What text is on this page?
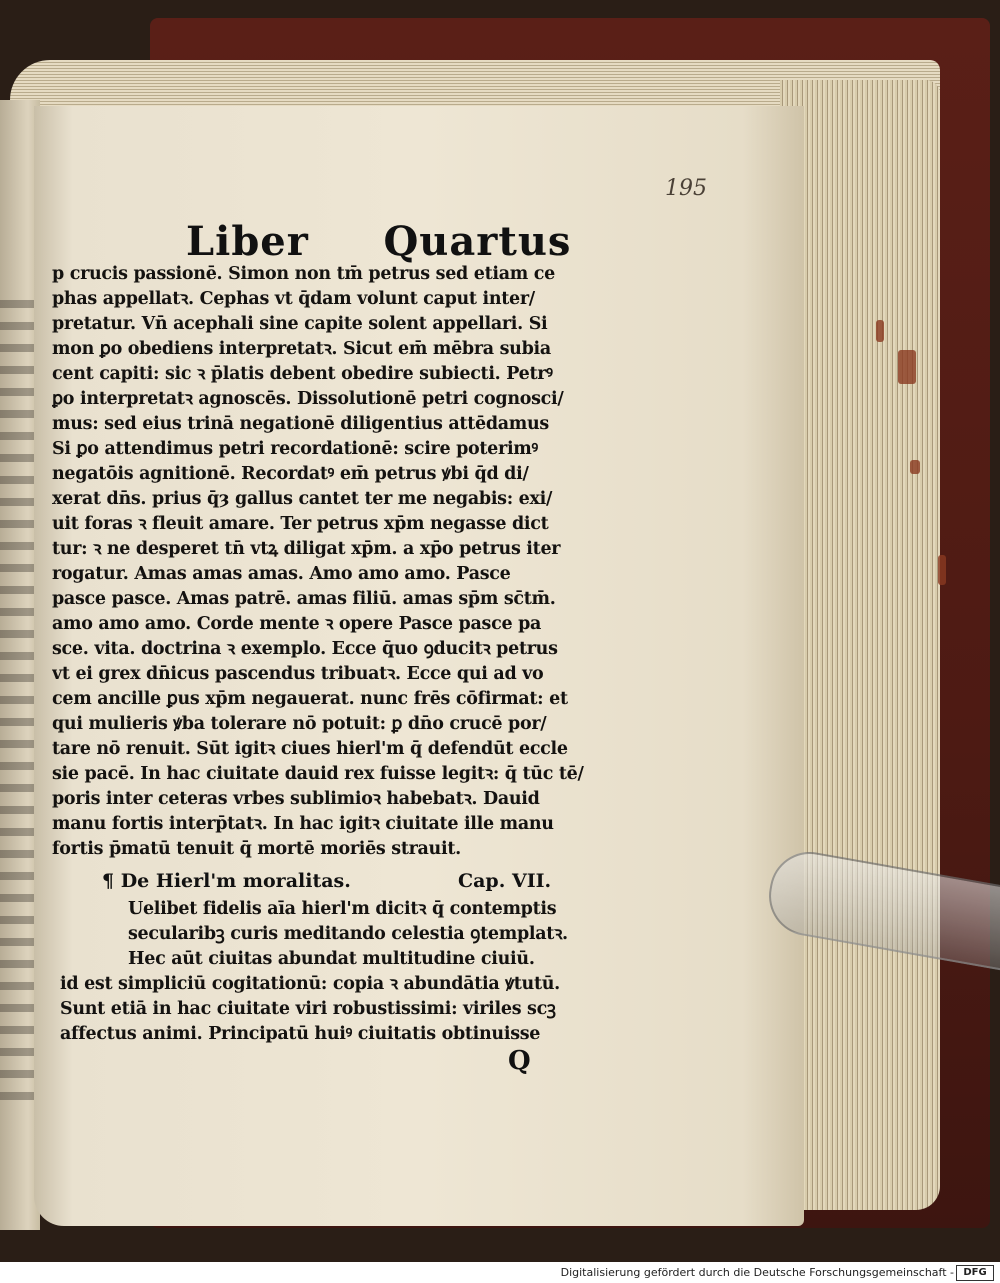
195
Liber     Quartus
p crucis passionē. Simon non tm̄ petrus sed etiam ce
phas appellatꝛ. Cephas vt q̄dam volunt caput inter/
pretatur. Vn̄ acephali sine capite solent appellari. Si
mon ꝑo obediens interpretatꝛ. Sicut em̄ mēbra subia
cent capiti: sic ꝛ p̄latis debent obedire subiecti. Petrꝰ
ꝑo interpretatꝛ agnoscēs. Dissolutionē petri cognosci/
mus: sed eius trinā negationē diligentius attēdamus
Si ꝑo attendimus petri recordationē: scire poterimꝰ
negatōis agnitionē. Recordatꝰ em̄ petrus ꝟbi q̄d di/
xerat dn̄s. prius q̄ȝ gallus cantet ter me negabis: exi/
uit foras ꝛ fleuit amare. Ter petrus xp̄m negasse dict
tur: ꝛ ne desperet tn̄ vtꝝ diligat xp̄m. a xp̄o petrus iter
rogatur. Amas amas amas. Amo amo amo. Pasce
pasce pasce. Amas patrē. amas filiū. amas sp̄m sc̄tm̄.
amo amo amo. Corde mente ꝛ opere Pasce pasce pa
sce. vita. doctrina ꝛ exemplo. Ecce q̄uo ꝯducitꝛ petrus
vt ei grex dn̄icus pascendus tribuatꝛ. Ecce qui ad vo
cem ancille ꝑus xp̄m negauerat. nunc frēs cōfirmat: et
qui mulieris ꝟba tolerare nō potuit: ꝑ dn̄o crucē por/
tare nō renuit. Sūt igitꝛ ciues hierl'm q̄ defendūt eccle
sie pacē. In hac ciuitate dauid rex fuisse legitꝛ: q̄ tūc tē/
poris inter ceteras vrbes sublimioꝛ habebatꝛ. Dauid
manu fortis interp̄tatꝛ. In hac igitꝛ ciuitate ille manu
fortis p̄matū tenuit q̄ mortē moriēs strauit.
¶ De Hierl'm moralitas.	Cap. VII.
Uelibet fidelis aīa hierl'm dicitꝛ q̄ contemptis
secularibꝫ curis meditando celestia ꝯtemplatꝛ.
Hec aūt ciuitas abundat multitudine ciuiū.
id est simpliciū cogitationū: copia ꝛ abundātia ꝟtutū.
Sunt etiā in hac ciuitate viri robustissimi: viriles scꝫ
affectus animi. Principatū huiꝰ ciuitatis obtinuisse
Q
Digitalisierung gefördert durch die Deutsche Forschungsgemeinschaft - DFG
